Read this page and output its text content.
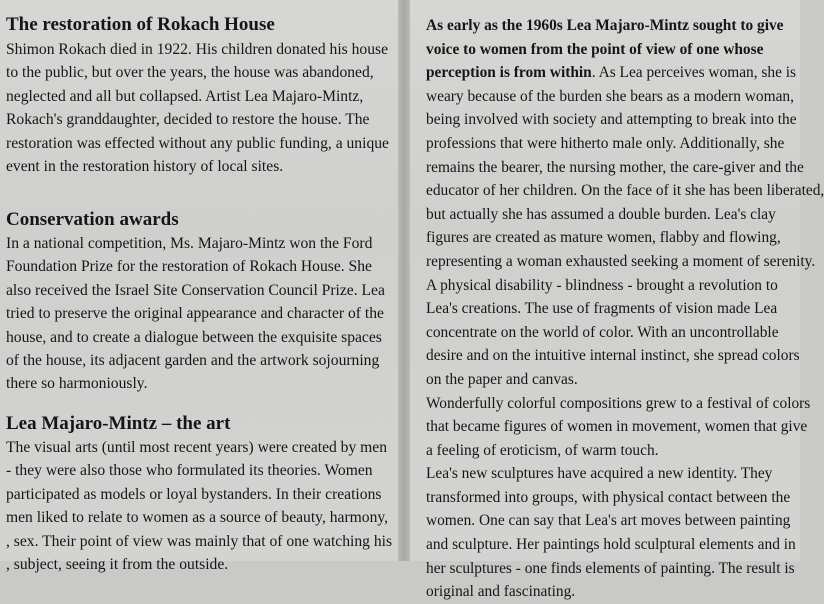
The restoration of Rokach House
Shimon Rokach died in 1922. His children donated his house
to the public, but over the years, the house was abandoned,
neglected and all but collapsed. Artist Lea Majaro-Mintz,
Rokach's granddaughter, decided to restore the house. The
restoration was effected without any public funding, a unique
event in the restoration history of local sites.
Conservation awards
In a national competition, Ms. Majaro-Mintz won the Ford
Foundation Prize for the restoration of Rokach House. She
also received the Israel Site Conservation Council Prize. Lea
tried to preserve the original appearance and character of the
house, and to create a dialogue between the exquisite spaces
of the house, its adjacent garden and the artwork sojourning
there so harmoniously.
Lea Majaro-Mintz – the art
The visual arts (until most recent years) were created by men
- they were also those who formulated its theories. Women
participated as models or loyal bystanders. In their creations
men liked to relate to women as a source of beauty, harmony,
, sex. Their point of view was mainly that of one watching his
, subject, seeing it from the outside.
As early as the 1960s Lea Majaro-Mintz sought to give
voice to women from the point of view of one whose
perception is from within. As Lea perceives woman, she is
weary because of the burden she bears as a modern woman,
being involved with society and attempting to break into the
professions that were hitherto male only. Additionally, she
remains the bearer, the nursing mother, the care-giver and the
educator of her children. On the face of it she has been liberated,
but actually she has assumed a double burden. Lea's clay
figures are created as mature women, flabby and flowing,
representing a woman exhausted seeking a moment of serenity.
A physical disability - blindness - brought a revolution to
Lea's creations. The use of fragments of vision made Lea
concentrate on the world of color. With an uncontrollable
desire and on the intuitive internal instinct, she spread colors
on the paper and canvas.
Wonderfully colorful compositions grew to a festival of colors
that became figures of women in movement, women that give
a feeling of eroticism, of warm touch.
Lea's new sculptures have acquired a new identity. They
transformed into groups, with physical contact between the
women. One can say that Lea's art moves between painting
and sculpture. Her paintings hold sculptural elements and in
her sculptures - one finds elements of painting. The result is
original and fascinating.
